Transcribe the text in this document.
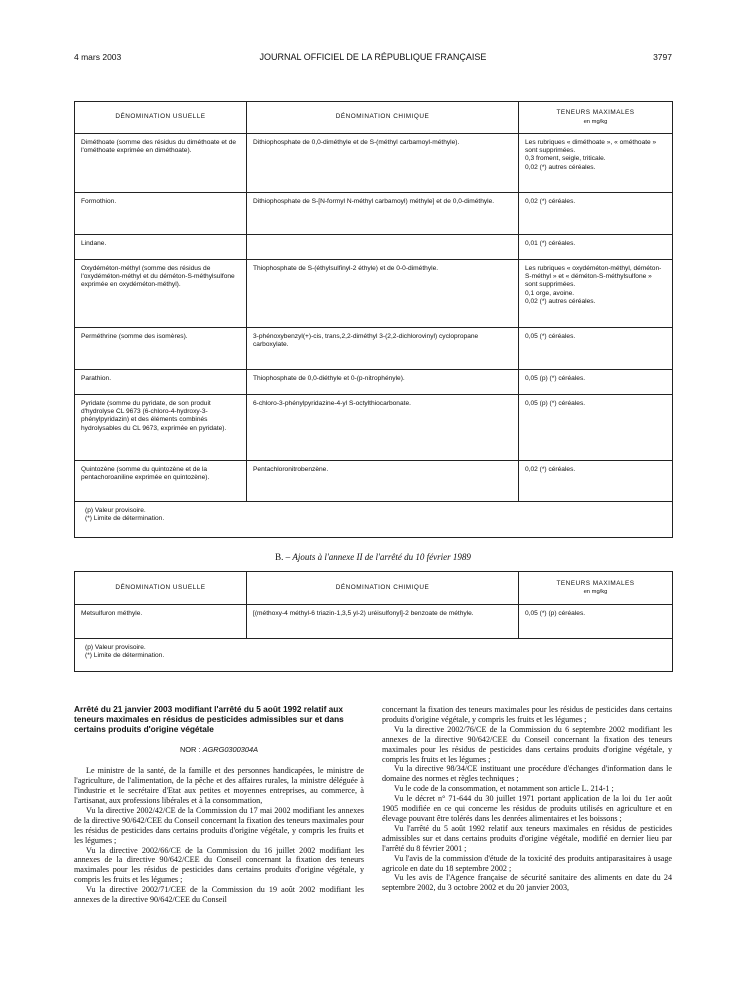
4 mars 2003	JOURNAL OFFICIEL DE LA RÉPUBLIQUE FRANÇAISE	3797
DÉNOMINATION USUELLE	DÉNOMINATION CHIMIQUE	TENEURS MAXIMALES
en mg/kg

Diméthoate (somme des résidus du diméthoate et de l'ométhoate exprimée en diméthoate).	Dithiophosphate de 0,0-diméthyle et de S-(méthyl carbamoyl-méthyle).	Les rubriques « diméthoate », « ométhoate » sont supprimées.
0,3 froment, seigle, triticale.
0,02 (*) autres céréales.

Formothion.	Dithiophosphate de S-[N-formyl N-méthyl carbamoyl) méthyle] et de 0,0-diméthyle.	0,02 (*) céréales.

Lindane.		0,01 (*) céréales.

Oxydéméton-méthyl (somme des résidus de l'oxydéméton-méthyl et du déméton-S-méthylsulfone exprimée en oxydéméton-méthyl).	Thiophosphate de S-(éthylsulfinyl-2 éthyle) et de 0-0-diméthyle.	Les rubriques « oxydéméton-méthyl, déméton-S-méthyl » et « déméton-S-méthylsulfone » sont supprimées.
0,1 orge, avoine.
0,02 (*) autres céréales.

Perméthrine (somme des isomères).	3-phénoxybenzyl(+)-cis, trans,2,2-diméthyl 3-(2,2-dichlorovinyl) cyclopropane carboxylate.	0,05 (*) céréales.

Parathion.	Thiophosphate de 0,0-diéthyle et 0-(p-nitrophényle).	0,05 (p) (*) céréales.

Pyridate (somme du pyridate, de son produit d'hydrolyse CL 9673 (6-chloro-4-hydroxy-3-phénylpyridazin) et des éléments combinés hydrolysables du CL 9673, exprimée en pyridate).	6-chloro-3-phénylpyridazine-4-yl S-octylthiocarbonate.	0,05 (p) (*) céréales.

Quintozène (somme du quintozène et de la pentachoroaniline exprimée en quintozène).	Pentachloronitrobenzène.	0,02 (*) céréales.

(p) Valeur provisoire.
(*) Limite de détermination.		
B. – Ajouts à l'annexe II de l'arrêté du 10 février 1989
DÉNOMINATION USUELLE	DÉNOMINATION CHIMIQUE	TENEURS MAXIMALES
en mg/kg

Metsulfuron méthyle.	[(méthoxy-4 méthyl-6 triazin-1,3,5 yl-2) uréisulfonyl]-2 benzoate de méthyle.	0,05 (*) (p) céréales.

(p) Valeur provisoire.
(*) Limite de détermination.		

Arrêté du 21 janvier 2003 modifiant l'arrêté du 5 août 1992 relatif aux teneurs maximales en résidus de pesticides admissibles sur et dans certains produits d'origine végétale

NOR : AGRG0300304A

Le ministre de la santé, de la famille et des personnes handicapées, le ministre de l'agriculture, de l'alimentation, de la pêche et des affaires rurales, la ministre déléguée à l'industrie et le secrétaire d'Etat aux petites et moyennes entreprises, au commerce, à l'artisanat, aux professions libérales et à la consommation,

Vu la directive 2002/42/CE de la Commission du 17 mai 2002 modifiant les annexes de la directive 90/642/CEE du Conseil concernant la fixation des teneurs maximales pour les résidus de pesticides dans certains produits d'origine végétale, y compris les fruits et les légumes ;

Vu la directive 2002/66/CE de la Commission du 16 juillet 2002 modifiant les annexes de la directive 90/642/CEE du Conseil concernant la fixation des teneurs maximales pour les résidus de pesticides dans certains produits d'origine végétale, y compris les fruits et les légumes ;

Vu la directive 2002/71/CEE de la Commission du 19 août 2002 modifiant les annexes de la directive 90/642/CEE du Conseil

concernant la fixation des teneurs maximales pour les résidus de pesticides dans certains produits d'origine végétale, y compris les fruits et les légumes ;

Vu la directive 2002/76/CE de la Commission du 6 septembre 2002 modifiant les annexes de la directive 90/642/CEE du Conseil concernant la fixation des teneurs maximales pour les résidus de pesticides dans certains produits d'origine végétale, y compris les fruits et les légumes ;

Vu la directive 98/34/CE instituant une procédure d'échanges d'information dans le domaine des normes et règles techniques ;

Vu le code de la consommation, et notamment son article L. 214-1 ;

Vu le décret n° 71-644 du 30 juillet 1971 portant application de la loi du 1er août 1905 modifiée en ce qui concerne les résidus de produits utilisés en agriculture et en élevage pouvant être tolérés dans les denrées alimentaires et les boissons ;

Vu l'arrêté du 5 août 1992 relatif aux teneurs maximales en résidus de pesticides admissibles sur et dans certains produits d'origine végétale, modifié en dernier lieu par l'arrêté du 8 février 2001 ;

Vu l'avis de la commission d'étude de la toxicité des produits antiparasitaires à usage agricole en date du 18 septembre 2002 ;

Vu les avis de l'Agence française de sécurité sanitaire des aliments en date du 24 septembre 2002, du 3 octobre 2002 et du 20 janvier 2003,
